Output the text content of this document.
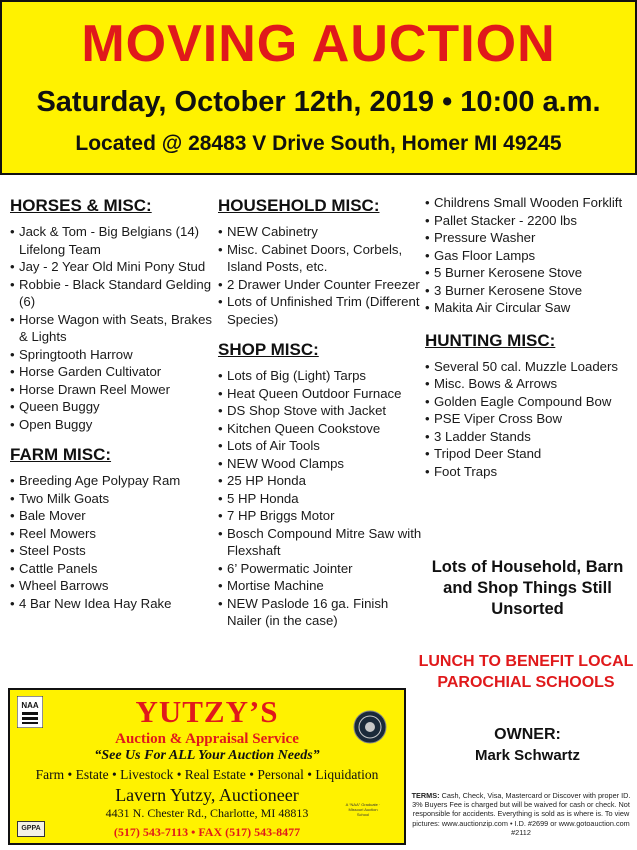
MOVING AUCTION
Saturday, October 12th, 2019 • 10:00 a.m.
Located @ 28483 V Drive South, Homer MI 49245
HORSES & MISC:
• Jack & Tom - Big Belgians (14) Lifelong Team
• Jay - 2 Year Old Mini Pony Stud
• Robbie - Black Standard Gelding (6)
• Horse Wagon with Seats, Brakes & Lights
• Springtooth Harrow
• Horse Garden Cultivator
• Horse Drawn Reel Mower
• Queen Buggy
• Open Buggy
FARM MISC:
• Breeding Age Polypay Ram
• Two Milk Goats
• Bale Mover
• Reel Mowers
• Steel Posts
• Cattle Panels
• Wheel Barrows
• 4 Bar New Idea Hay Rake
HOUSEHOLD MISC:
• NEW Cabinetry
• Misc. Cabinet Doors, Corbels, Island Posts, etc.
• 2 Drawer Under Counter Freezer
• Lots of Unfinished Trim (Different Species)
SHOP MISC:
• Lots of Big (Light) Tarps
• Heat Queen Outdoor Furnace
• DS Shop Stove with Jacket
• Kitchen Queen Cookstove
• Lots of Air Tools
• NEW Wood Clamps
• 25 HP Honda
• 5 HP Honda
• 7 HP Briggs Motor
• Bosch Compound Mitre Saw with Flexshaft
• 6’ Powermatic Jointer
• Mortise Machine
• NEW Paslode 16 ga. Finish Nailer (in the case)
• Childrens Small Wooden Forklift
• Pallet Stacker - 2200 lbs
• Pressure Washer
• Gas Floor Lamps
• 5 Burner Kerosene Stove
• 3 Burner Kerosene Stove
• Makita Air Circular Saw
HUNTING MISC:
• Several 50 cal. Muzzle Loaders
• Misc. Bows & Arrows
• Golden Eagle Compound Bow
• PSE Viper Cross Bow
• 3 Ladder Stands
• Tripod Deer Stand
• Foot Traps
Lots of Household, Barn and Shop Things Still Unsorted
LUNCH TO BENEFIT LOCAL PAROCHIAL SCHOOLS
OWNER:
Mark Schwartz
TERMS: Cash, Check, Visa, Mastercard or Discover with proper ID. 3% Buyers Fee is charged but will be waived for cash or check. Not responsible for accidents. Everything is sold as is where is. To view pictures: www.auctionzip.com • I.D. #2699 or www.gotoauction.com #2112
NAA	YUTZY’S
Auction & Appraisal Service
“See Us For ALL Your Auction Needs”
Farm • Estate • Livestock • Real Estate • Personal • Liquidation
Lavern Yutzy, Auctioneer
4431 N. Chester Rd., Charlotte, MI 48813
(517) 543-7113 • FAX (517) 543-8477
A “NAA” Graduate · Missouri Auction School
GPPA
